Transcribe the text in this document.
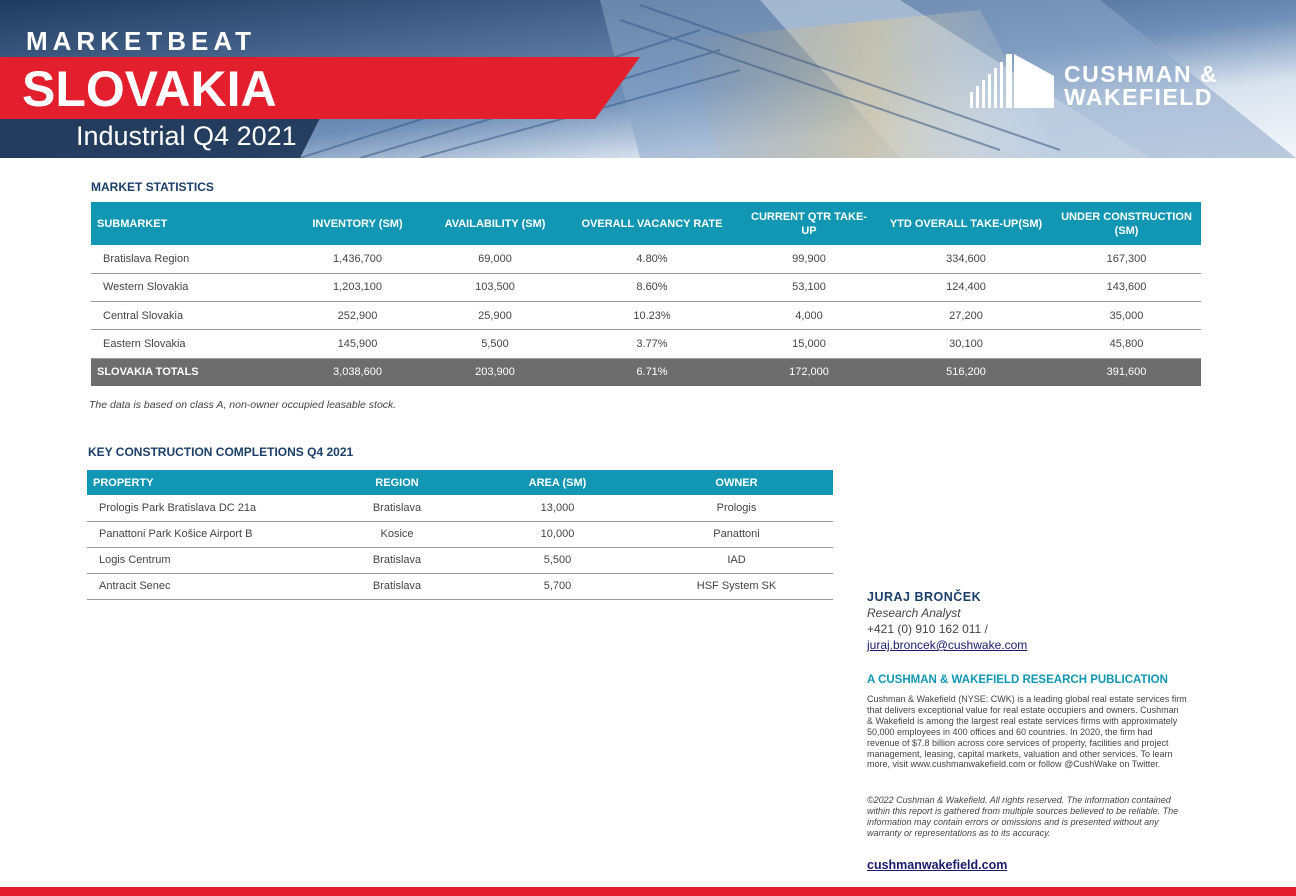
MARKETBEAT
SLOVAKIA
Industrial Q4 2021
CUSHMAN &
WAKEFIELD
MARKET STATISTICS
SUBMARKET	INVENTORY (SM)	AVAILABILITY (SM)	OVERALL VACANCY RATE	CURRENT QTR TAKE-UP	YTD OVERALL TAKE-UP(SM)	UNDER CONSTRUCTION (SM)
Bratislava Region	1,436,700	69,000	4.80%	99,900	334,600	167,300
Western Slovakia	1,203,100	103,500	8.60%	53,100	124,400	143,600
Central Slovakia	252,900	25,900	10.23%	4,000	27,200	35,000
Eastern Slovakia	145,900	5,500	3.77%	15,000	30,100	45,800
SLOVAKIA TOTALS	3,038,600	203,900	6.71%	172,000	516,200	391,600
The data is based on class A, non-owner occupied leasable stock.
KEY CONSTRUCTION COMPLETIONS Q4 2021
PROPERTY	REGION	AREA (SM)	OWNER
Prologis Park Bratislava DC 21a	Bratislava	13,000	Prologis
Panattoni Park Košice Airport B	Kosice	10,000	Panattoni
Logis Centrum	Bratislava	5,500	IAD
Antracit Senec	Bratislava	5,700	HSF System SK
JURAJ BRONČEK
Research Analyst
+421 (0) 910 162 011 /
juraj.broncek@cushwake.com
A CUSHMAN & WAKEFIELD RESEARCH PUBLICATION
Cushman & Wakefield (NYSE: CWK) is a leading global real estate services firm that delivers exceptional value for real estate occupiers and owners. Cushman & Wakefield is among the largest real estate services firms with approximately 50,000 employees in 400 offices and 60 countries. In 2020, the firm had revenue of $7.8 billion across core services of property, facilities and project management, leasing, capital markets, valuation and other services. To learn more, visit www.cushmanwakefield.com or follow @CushWake on Twitter.
©2022 Cushman & Wakefield. All rights reserved. The information contained within this report is gathered from multiple sources believed to be reliable. The information may contain errors or omissions and is presented without any warranty or representations as to its accuracy.
cushmanwakefield.com
